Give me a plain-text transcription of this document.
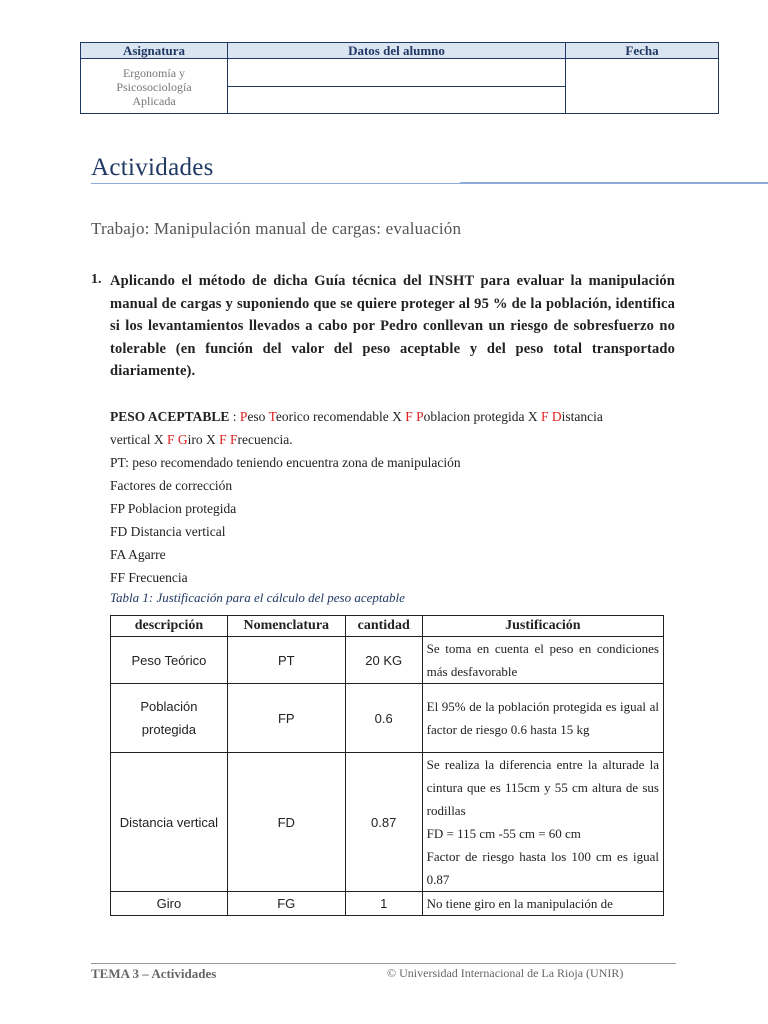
Asignatura	Datos del alumno	Fecha
Ergonomía y
Psicosociología
Aplicada
Actividades
Trabajo: Manipulación manual de cargas: evaluación
1. Aplicando el método de dicha Guía técnica del INSHT para evaluar la manipulación manual de cargas y suponiendo que se quiere proteger al 95 % de la población, identifica si los levantamientos llevados a cabo por Pedro conllevan un riesgo de sobresfuerzo no tolerable (en función del valor del peso aceptable y del peso total transportado diariamente).
PESO ACEPTABLE : Peso Teorico recomendable X F Poblacion protegida X F Distancia
vertical X F Giro X F Frecuencia.
PT: peso recomendado teniendo encuentra zona de manipulación
Factores de corrección
FP Poblacion protegida
FD Distancia vertical
FA Agarre
FF Frecuencia
Tabla 1: Justificación para el cálculo del peso aceptable
descripción	Nomenclatura	cantidad	Justificación
Peso Teórico	PT	20 KG	Se toma en cuenta el peso en condiciones más desfavorable
Población protegida	FP	0.6	El 95% de la población protegida es igual al factor de riesgo 0.6 hasta 15 kg
Distancia vertical	FD	0.87	Se realiza la diferencia entre la alturade la cintura que es 115cm y 55 cm altura de sus rodillas
FD = 115 cm -55 cm = 60 cm
Factor de riesgo hasta los 100 cm es igual 0.87

Giro	FG	1	No tiene giro en la manipulación de
TEMA 3 – Actividades	© Universidad Internacional de La Rioja (UNIR)
